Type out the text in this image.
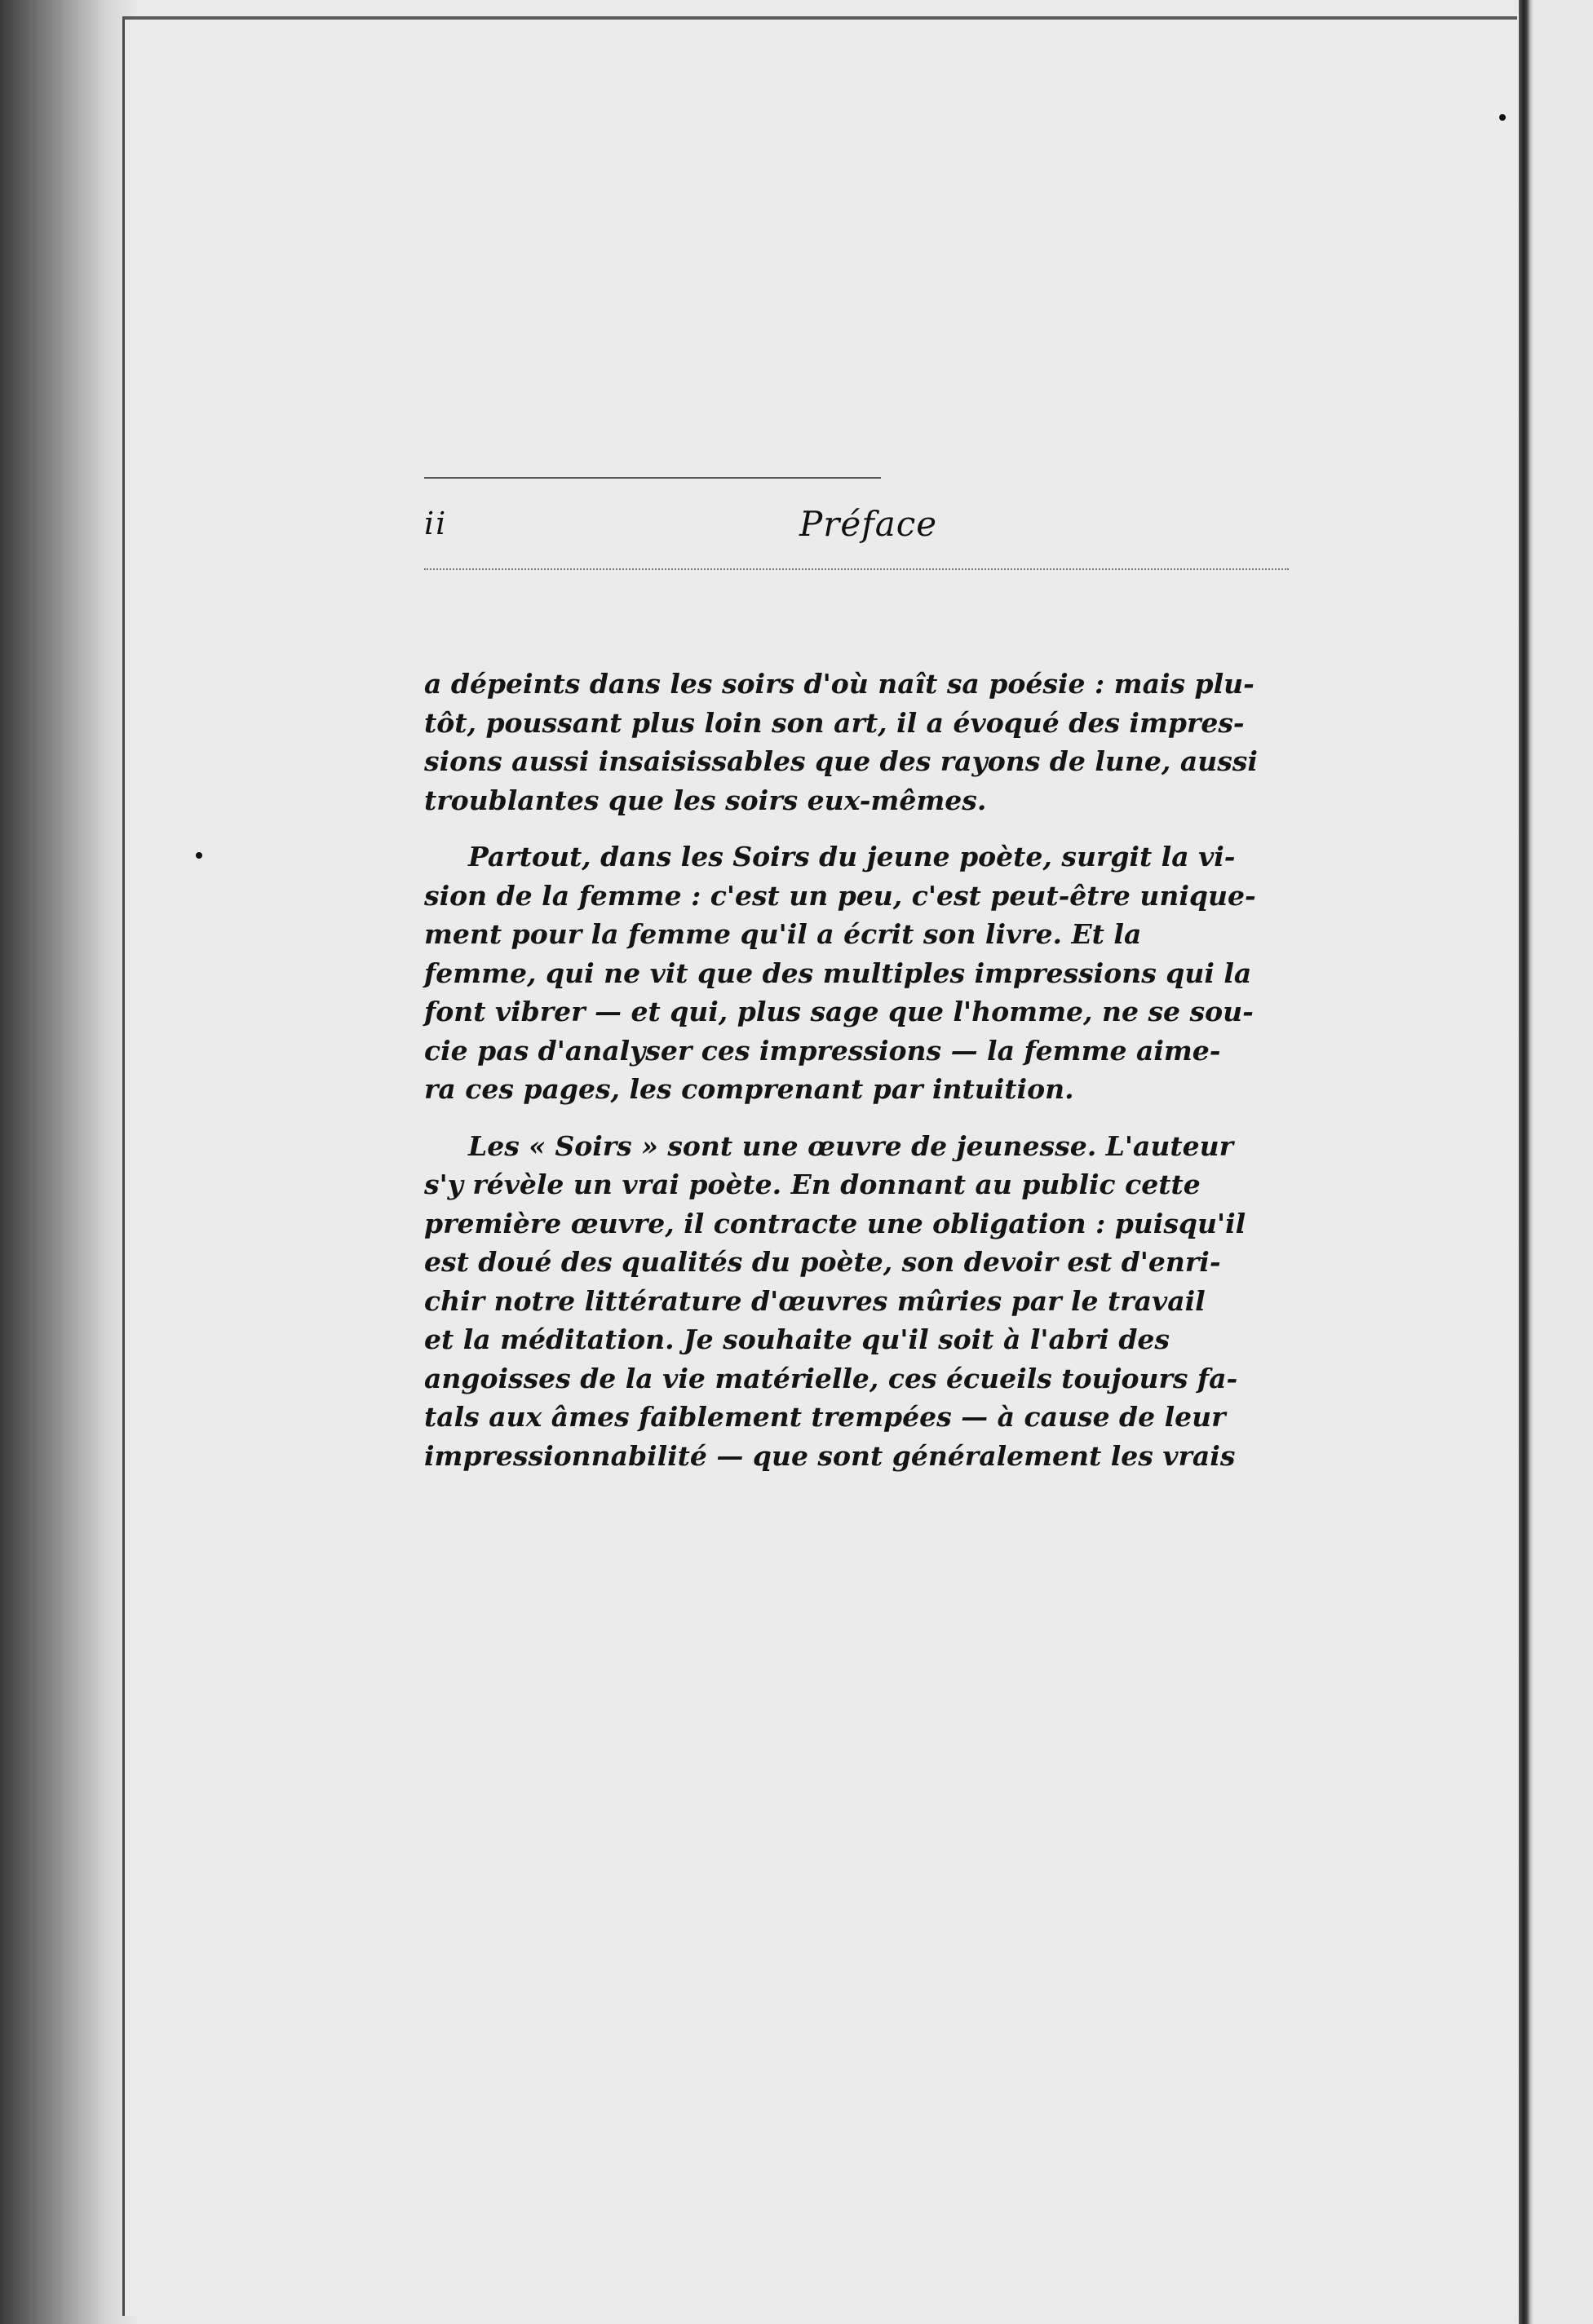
ii	Préface

a dépeints dans les soirs d'où naît sa poésie : mais plu-
tôt, poussant plus loin son art, il a évoqué des impres-
sions aussi insaisissables que des rayons de lune, aussi
troublantes que les soirs eux-mêmes.

Partout, dans les Soirs du jeune poète, surgit la vi-
sion de la femme : c'est un peu, c'est peut-être unique-
ment pour la femme qu'il a écrit son livre. Et la
femme, qui ne vit que des multiples impressions qui la
font vibrer — et qui, plus sage que l'homme, ne se sou-
cie pas d'analyser ces impressions — la femme aime-
ra ces pages, les comprenant par intuition.

Les « Soirs » sont une œuvre de jeunesse. L'auteur
s'y révèle un vrai poète. En donnant au public cette
première œuvre, il contracte une obligation : puisqu'il
est doué des qualités du poète, son devoir est d'enri-
chir notre littérature d'œuvres mûries par le travail
et la méditation. Je souhaite qu'il soit à l'abri des
angoisses de la vie matérielle, ces écueils toujours fa-
tals aux âmes faiblement trempées — à cause de leur
impressionnabilité — que sont généralement les vrais
